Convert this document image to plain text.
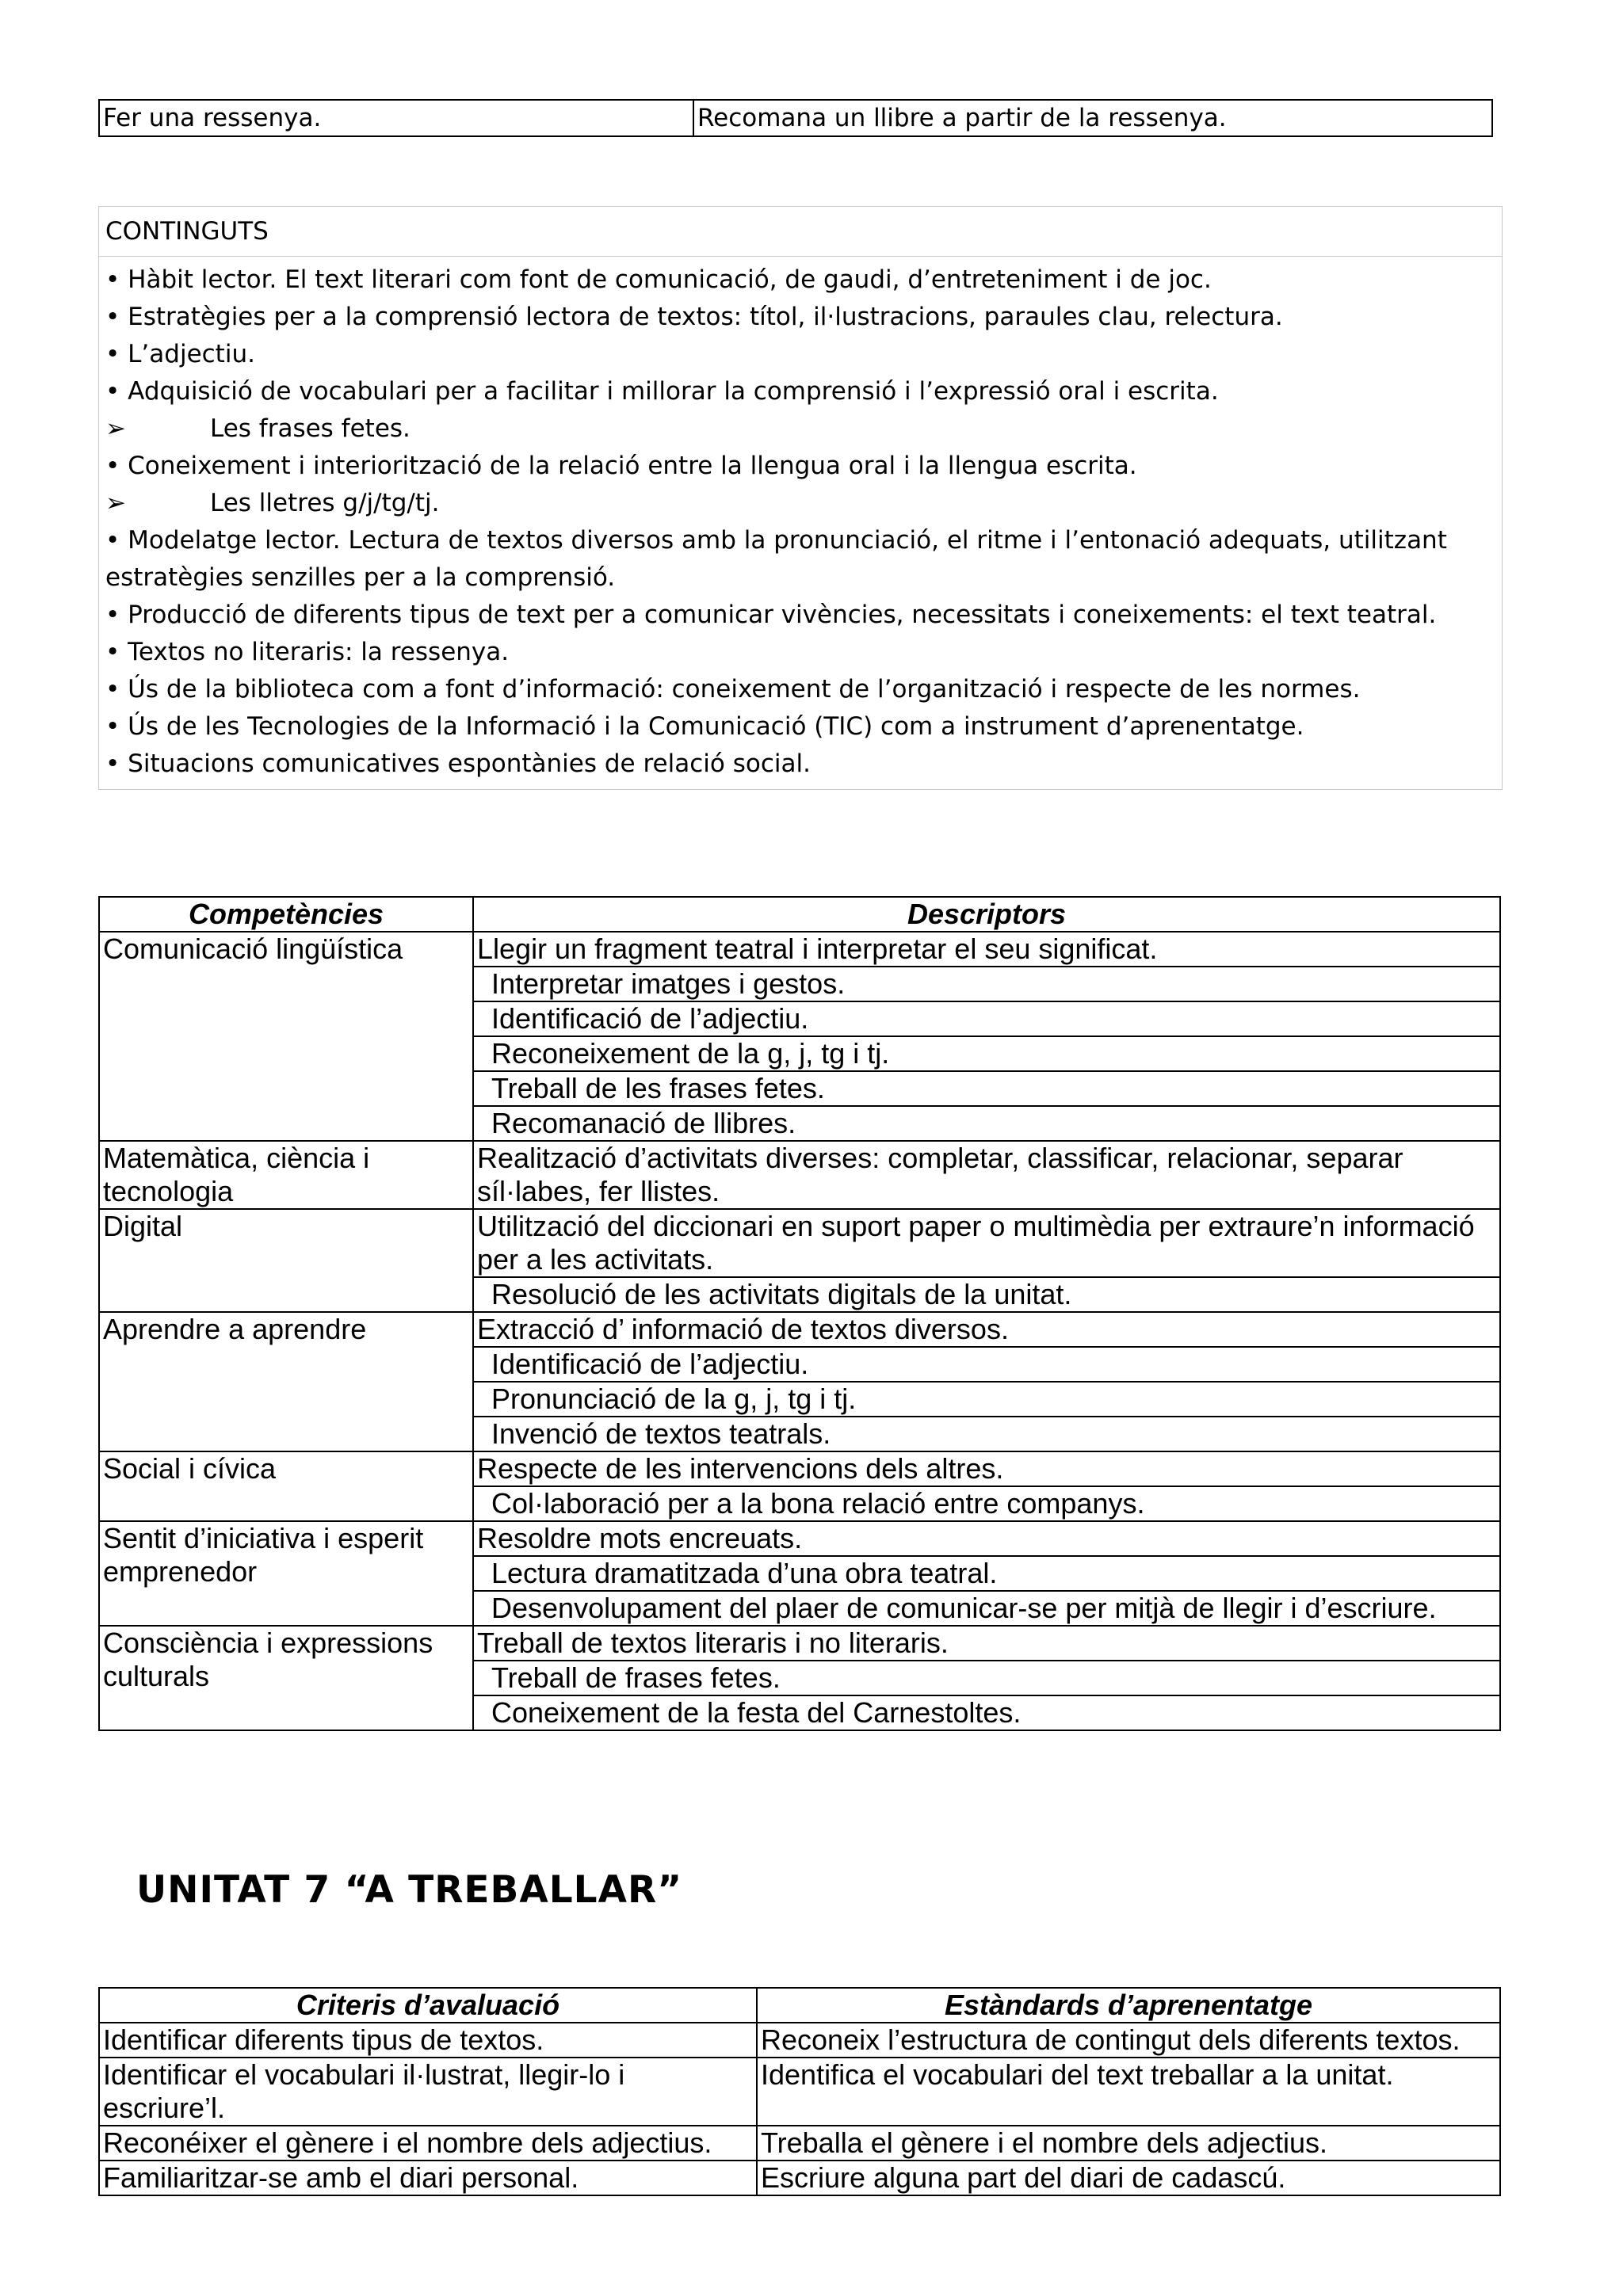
Fer una ressenya.	Recomana un llibre a partir de la ressenya.
CONTINGUTS
• Hàbit lector. El text literari com font de comunicació, de gaudi, d’entreteniment i de joc.
• Estratègies per a la comprensió lectora de textos: títol, il·lustracions, paraules clau, relectura.
• L’adjectiu.
• Adquisició de vocabulari per a facilitar i millorar la comprensió i l’expressió oral i escrita.
➢	Les frases fetes.
• Coneixement i interiorització de la relació entre la llengua oral i la llengua escrita.
➢	Les lletres g/j/tg/tj.
• Modelatge lector. Lectura de textos diversos amb la pronunciació, el ritme i l’entonació adequats, utilitzant estratègies senzilles per a la comprensió.
• Producció de diferents tipus de text per a comunicar vivències, necessitats i coneixements: el text teatral.
• Textos no literaris: la ressenya.
• Ús de la biblioteca com a font d’informació: coneixement de l’organització i respecte de les normes.
• Ús de les Tecnologies de la Informació i la Comunicació (TIC) com a instrument d’aprenentatge.
• Situacions comunicatives espontànies de relació social.
Competències	Descriptors
Comunicació lingüística	Llegir un fragment teatral i interpretar el seu significat.
	Interpretar imatges i gestos.
	Identificació de l’adjectiu.
	Reconeixement de la g, j, tg i tj.
	Treball de les frases fetes.
	Recomanació de llibres.
Matemàtica, ciència i tecnologia	Realització d’activitats diverses: completar, classificar, relacionar, separar síl·labes, fer llistes.
Digital	Utilització del diccionari en suport paper o multimèdia per extraure’n informació per a les activitats.
	Resolució de les activitats digitals de la unitat.
Aprendre a aprendre	Extracció d’ informació de textos diversos.
	Identificació de l’adjectiu.
	Pronunciació de la g, j, tg i tj.
	Invenció de textos teatrals.
Social i cívica	Respecte de les intervencions dels altres.
	Col·laboració per a la bona relació entre companys.
Sentit d’iniciativa i esperit emprenedor	Resoldre mots encreuats.
	Lectura dramatitzada d’una obra teatral.
	Desenvolupament del plaer de comunicar-se per mitjà de llegir i d’escriure.
Consciència i expressions culturals	Treball de textos literaris i no literaris.
	Treball de frases fetes.
	Coneixement de la festa del Carnestoltes.
UNITAT 7 “A TREBALLAR”
Criteris d’avaluació	Estàndards d’aprenentatge
Identificar diferents tipus de textos.	Reconeix l’estructura de contingut dels diferents textos.
Identificar el vocabulari il·lustrat, llegir-lo i escriure’l.	Identifica el vocabulari del text treballar a la unitat.
Reconéixer el gènere i el nombre dels adjectius.	Treballa el gènere i el nombre dels adjectius.
Familiaritzar-se amb el diari personal.	Escriure alguna part del diari de cadascú.
